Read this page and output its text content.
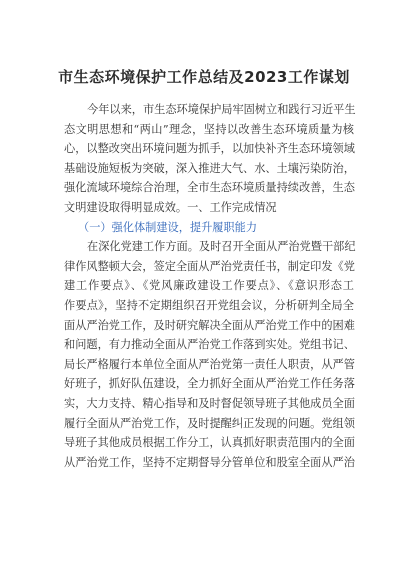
市生态环境保护工作总结及2023工作谋划
今年以来，市生态环境保护局牢固树立和践行习近平生
态文明思想和“两山”理念，坚持以改善生态环境质量为核
心，以整改突出环境问题为抓手，以加快补齐生态环境领域
基础设施短板为突破，深入推进大气、水、土壤污染防治，
强化流域环境综合治理，全市生态环境质量持续改善，生态
文明建设取得明显成效。一、工作完成情况
（一）强化体制建设，提升履职能力
在深化党建工作方面。及时召开全面从严治党暨干部纪
律作风整顿大会，签定全面从严治党责任书，制定印发《党
建工作要点》、《党风廉政建设工作要点》、《意识形态工
作要点》，坚持不定期组织召开党组会议，分析研判全局全
面从严治党工作，及时研究解决全面从严治党工作中的困难
和问题，有力推动全面从严治党工作落到实处。党组书记、
局长严格履行本单位全面从严治党第一责任人职责，从严管
好班子，抓好队伍建设，全力抓好全面从严治党工作任务落
实，大力支持、精心指导和及时督促领导班子其他成员全面
履行全面从严治党工作，及时提醒纠正发现的问题。党组领
导班子其他成员根据工作分工，认真抓好职责范围内的全面
从严治党工作，坚持不定期督导分管单位和股室全面从严治
